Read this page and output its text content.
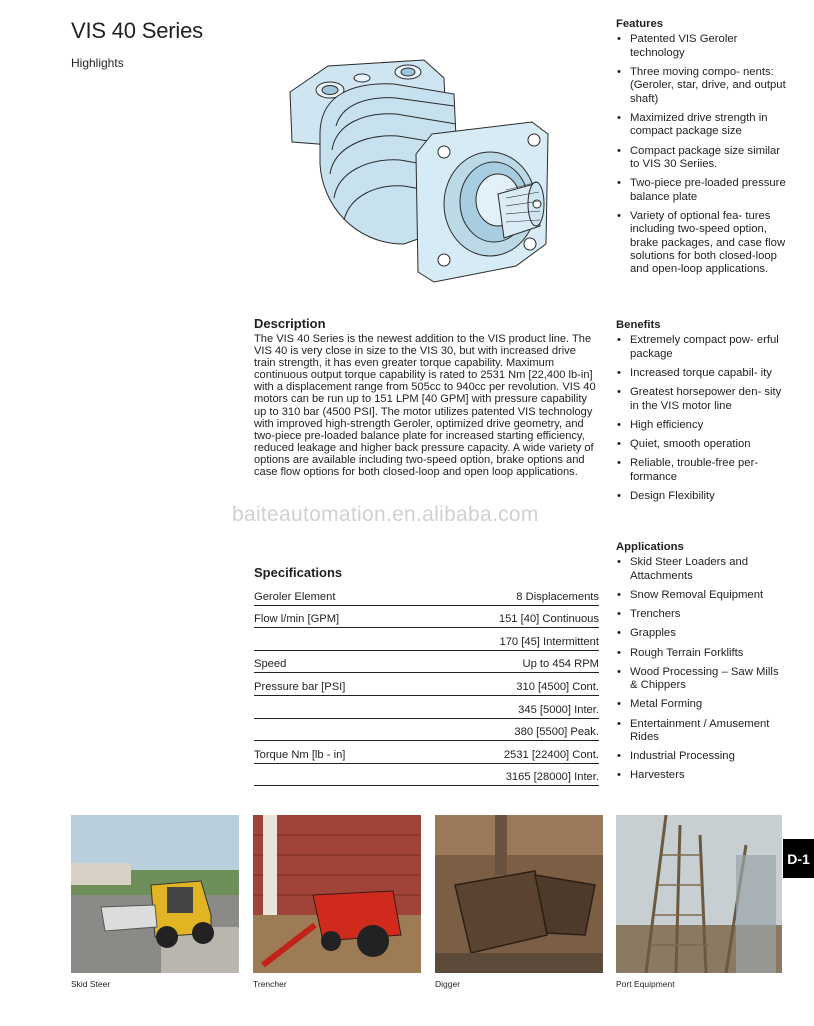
VIS 40 Series
Highlights
Description

The VIS 40 Series is the newest addition to the VIS product line. The VIS 40 is very close in size to the VIS 30, but with increased drive train strength, it has even greater torque capability. Maximum continuous output torque capability is rated to 2531 Nm [22,400 lb-in] with a displacement range from 505cc to 940cc per revolution. VIS 40 motors can be run up to 151 LPM [40 GPM] with pressure capability up to 310 bar (4500 PSI]. The motor utilizes patented VIS technology with improved high-strength Geroler, optimized drive geometry, and two-piece pre-loaded balance plate for increased starting efficiency, reduced leakage and higher back pressure capacity. A wide variety of options are available including two-speed option, brake options and case flow options for both closed-loop and open loop applications.

Specifications
Geroler Element	8 Displacements
Flow l/min [GPM]	151 [40] Continuous
	170 [45] Intermittent
Speed	Up to 454 RPM
Pressure bar [PSI]	310 [4500] Cont.
	345 [5000] Inter.
	380 [5500] Peak.
Torque Nm [lb - in]	2531 [22400] Cont.
	3165 [28000] Inter.
Features
• Patented VIS Geroler technology
• Three moving compo- nents: (Geroler, star, drive, and output shaft)
• Maximized drive strength in compact package size
• Compact package size similar to VIS 30 Seriies.
• Two-piece pre-loaded pressure balance plate
• Variety of optional fea- tures including two-speed option, brake packages, and case flow solutions for both closed-loop and open-loop applications.
Benefits
• Extremely compact pow- erful package
• Increased torque capabil- ity
• Greatest horsepower den- sity in the VIS motor line
• High efficiency
• Quiet, smooth operation
• Reliable, trouble-free per- formance
• Design Flexibility
Applications
• Skid Steer Loaders and Attachments
• Snow Removal Equipment
• Trenchers
• Grapples
• Rough Terrain Forklifts
• Wood Processing – Saw Mills & Chippers
• Metal Forming
• Entertainment / Amusement Rides
• Industrial Processing
• Harvesters
D-1
Skid Steer	Trencher	Digger	Port Equipment
baiteautomation.en.alibaba.com
